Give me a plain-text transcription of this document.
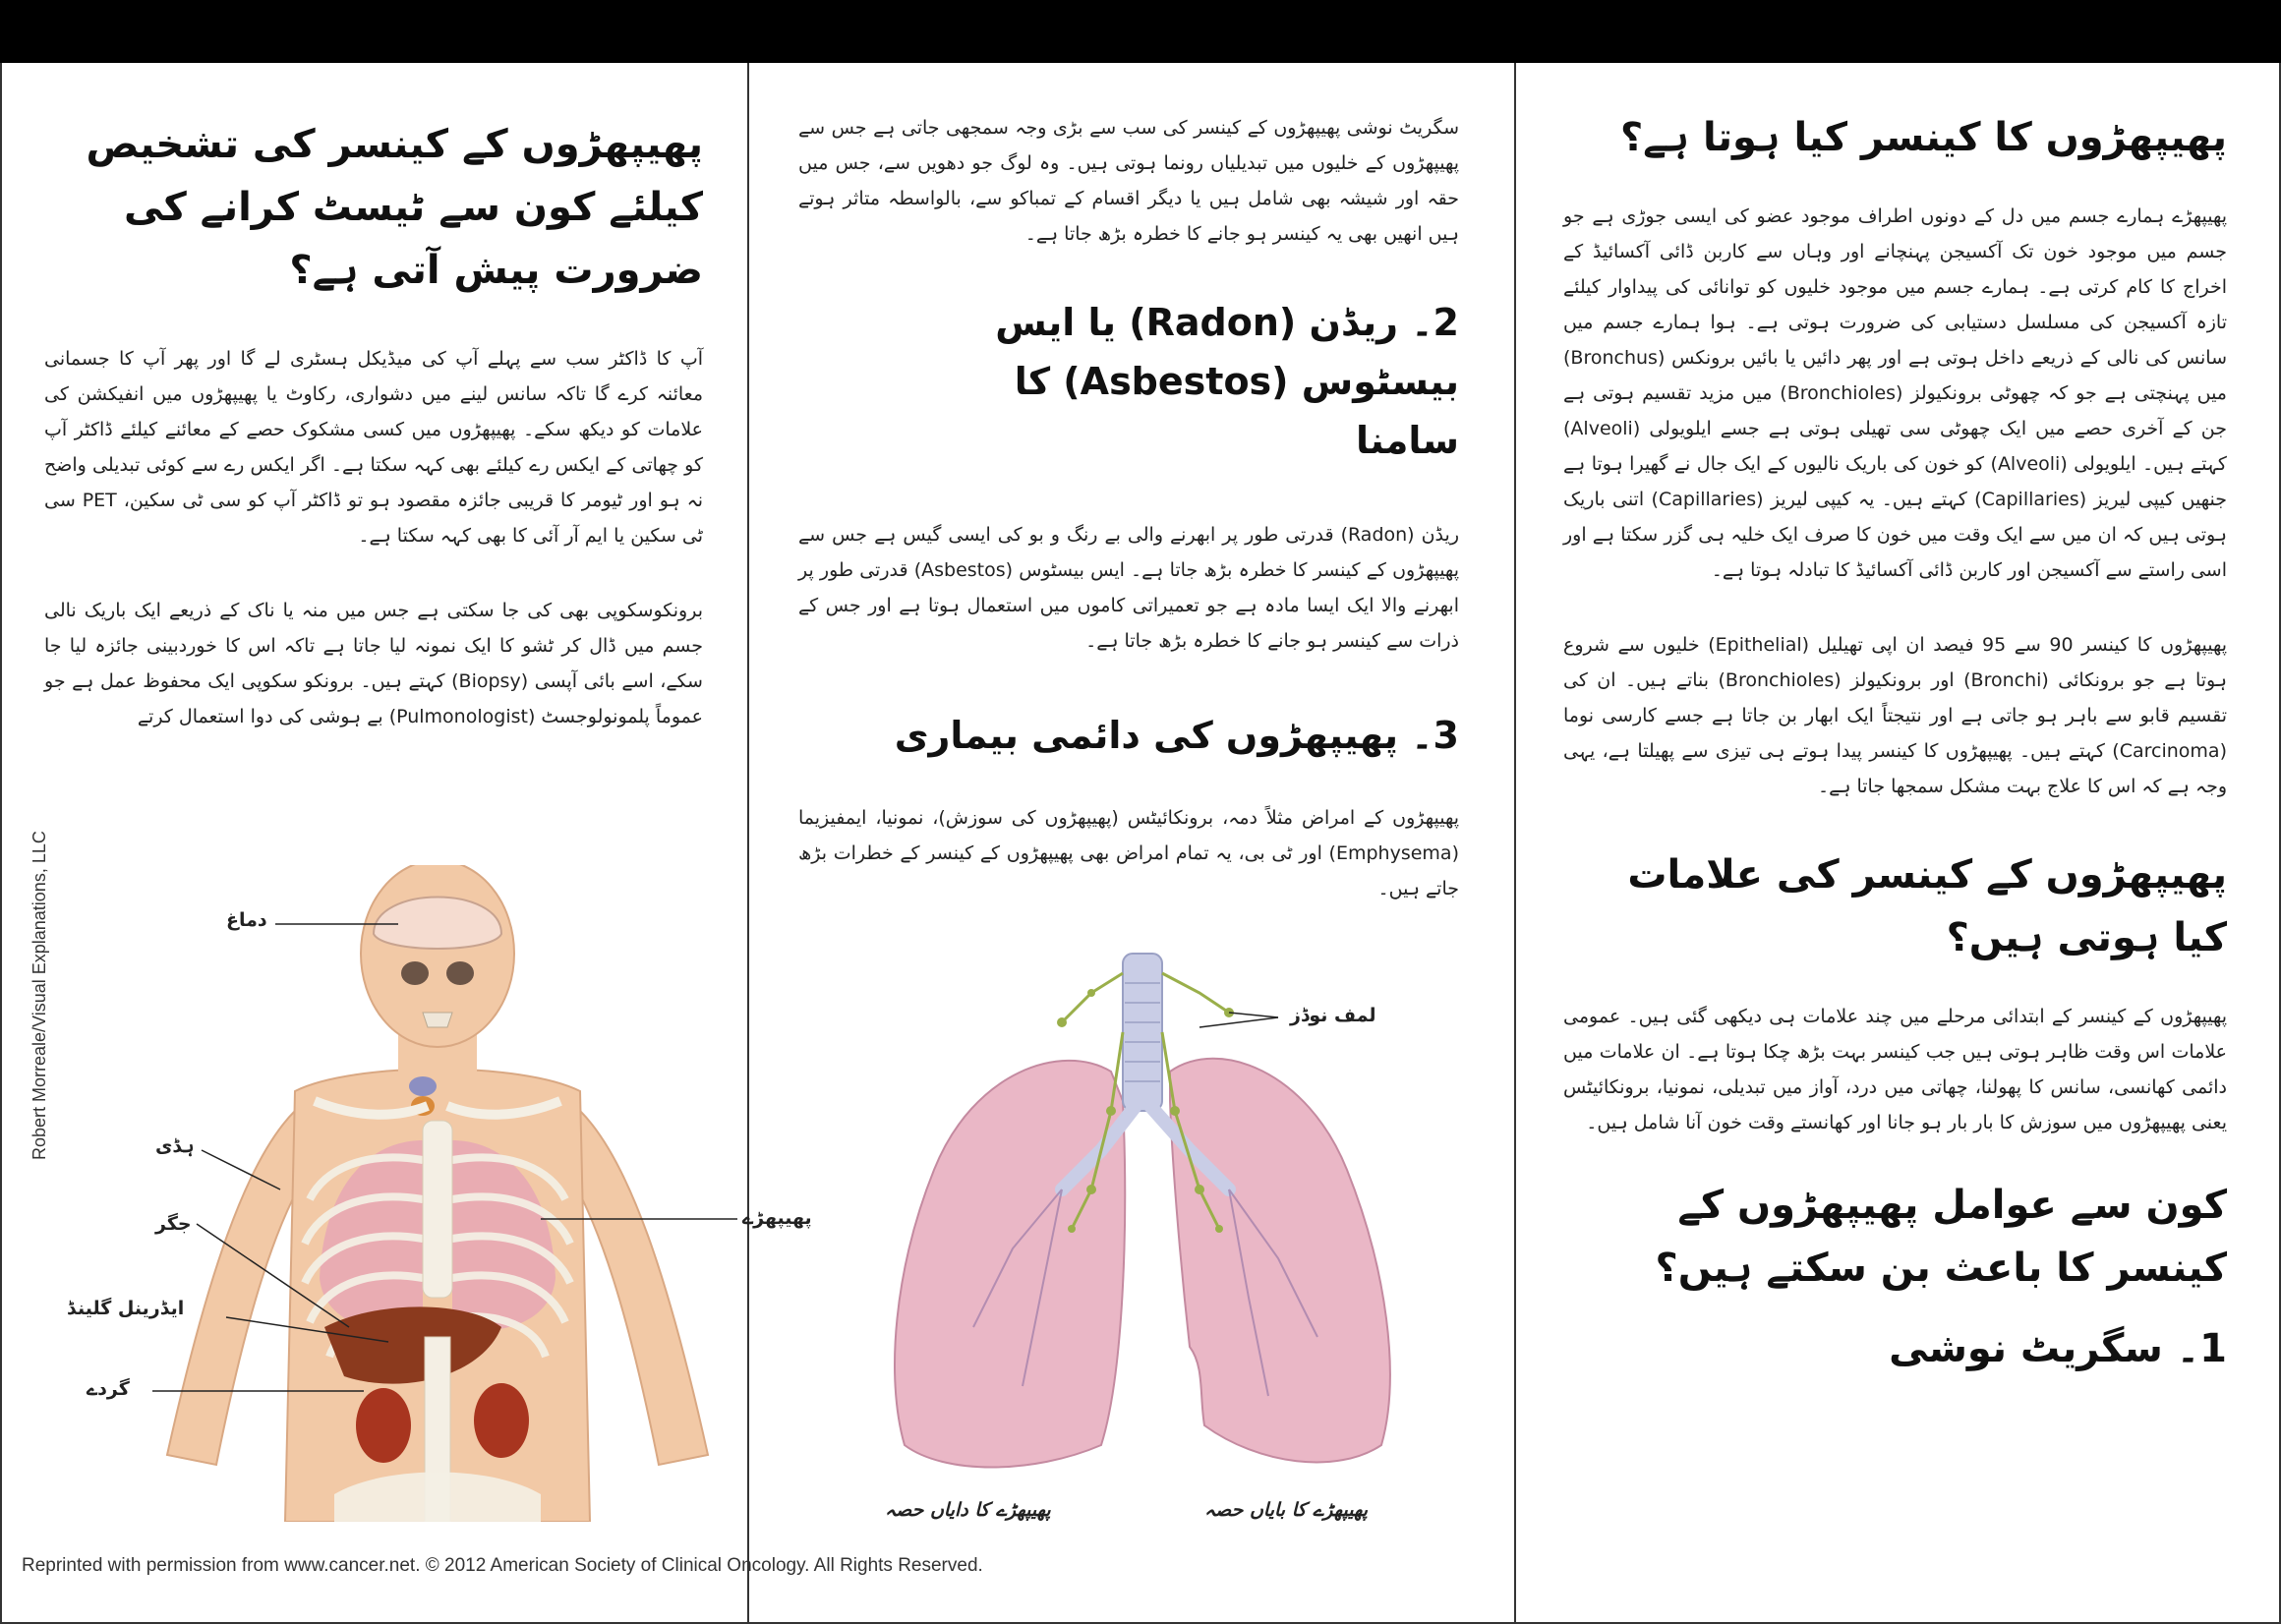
پھیپھڑوں کا کینسر کیا ہوتا ہے؟

پھیپھڑے ہمارے جسم میں دل کے دونوں اطراف موجود عضو کی ایسی جوڑی ہے جو جسم میں موجود خون تک آکسیجن پہنچانے اور وہاں سے کاربن ڈائی آکسائیڈ کے اخراج کا کام کرتی ہے۔ ہمارے جسم میں موجود خلیوں کو توانائی کی پیداوار کیلئے تازہ آکسیجن کی مسلسل دستیابی کی ضرورت ہوتی ہے۔ ہوا ہمارے جسم میں سانس کی نالی کے ذریعے داخل ہوتی ہے اور پھر دائیں یا بائیں برونکس (Bronchus) میں پہنچتی ہے جو کہ چھوٹی برونکیولز (Bronchioles) میں مزید تقسیم ہوتی ہے جن کے آخری حصے میں ایک چھوٹی سی تھیلی ہوتی ہے جسے ایلویولی (Alveoli) کہتے ہیں۔ ایلویولی (Alveoli) کو خون کی باریک نالیوں کے ایک جال نے گھیرا ہوتا ہے جنھیں کیپی لیریز (Capillaries) کہتے ہیں۔ یہ کیپی لیریز (Capillaries) اتنی باریک ہوتی ہیں کہ ان میں سے ایک وقت میں خون کا صرف ایک خلیہ ہی گزر سکتا ہے اور اسی راستے سے آکسیجن اور کاربن ڈائی آکسائیڈ کا تبادلہ ہوتا ہے۔

پھیپھڑوں کا کینسر 90 سے 95 فیصد ان اپی تھیلیل (Epithelial) خلیوں سے شروع ہوتا ہے جو برونکائی (Bronchi) اور برونکیولز (Bronchioles) بناتے ہیں۔ ان کی تقسیم قابو سے باہر ہو جاتی ہے اور نتیجتاً ایک ابھار بن جاتا ہے جسے کارسی نوما (Carcinoma) کہتے ہیں۔ پھیپھڑوں کا کینسر پیدا ہوتے ہی تیزی سے پھیلتا ہے، یہی وجہ ہے کہ اس کا علاج بہت مشکل سمجھا جاتا ہے۔

پھیپھڑوں کے کینسر کی علامات کیا ہوتی ہیں؟

پھیپھڑوں کے کینسر کے ابتدائی مرحلے میں چند علامات ہی دیکھی گئی ہیں۔ عمومی علامات اس وقت ظاہر ہوتی ہیں جب کینسر بہت بڑھ چکا ہوتا ہے۔ ان علامات میں دائمی کھانسی، سانس کا پھولنا، چھاتی میں درد، آواز میں تبدیلی، نمونیا، برونکائیٹس یعنی پھیپھڑوں میں سوزش کا بار بار ہو جانا اور کھانستے وقت خون آنا شامل ہیں۔

کون سے عوامل پھیپھڑوں کے کینسر کا باعث بن سکتے ہیں؟
1۔ سگریٹ نوشی

سگریٹ نوشی پھیپھڑوں کے کینسر کی سب سے بڑی وجہ سمجھی جاتی ہے جس سے پھیپھڑوں کے خلیوں میں تبدیلیاں رونما ہوتی ہیں۔ وہ لوگ جو دھویں سے، جس میں حقہ اور شیشہ بھی شامل ہیں یا دیگر اقسام کے تمباکو سے، بالواسطہ متاثر ہوتے ہیں انھیں بھی یہ کینسر ہو جانے کا خطرہ بڑھ جاتا ہے۔

2۔ ریڈن (Radon) یا ایس بیسٹوس (Asbestos) کا سامنا

ریڈن (Radon) قدرتی طور پر ابھرنے والی بے رنگ و بو کی ایسی گیس ہے جس سے پھیپھڑوں کے کینسر کا خطرہ بڑھ جاتا ہے۔ ایس بیسٹوس (Asbestos) قدرتی طور پر ابھرنے والا ایک ایسا مادہ ہے جو تعمیراتی کاموں میں استعمال ہوتا ہے اور جس کے ذرات سے کینسر ہو جانے کا خطرہ بڑھ جاتا ہے۔

3۔ پھیپھڑوں کی دائمی بیماری

پھیپھڑوں کے امراض مثلاً دمہ، برونکائیٹس (پھیپھڑوں کی سوزش)، نمونیا، ایمفیزیما (Emphysema) اور ٹی بی، یہ تمام امراض بھی پھیپھڑوں کے کینسر کے خطرات بڑھ جاتے ہیں۔

لمف نوڈز
پھیپھڑے کا دایاں حصہ	پھیپھڑے کا بایاں حصہ
پھیپھڑوں کے کینسر کی تشخیص کیلئے کون سے ٹیسٹ کرانے کی ضرورت پیش آتی ہے؟

آپ کا ڈاکٹر سب سے پہلے آپ کی میڈیکل ہسٹری لے گا اور پھر آپ کا جسمانی معائنہ کرے گا تاکہ سانس لینے میں دشواری، رکاوٹ یا پھیپھڑوں میں انفیکشن کی علامات کو دیکھ سکے۔ پھیپھڑوں میں کسی مشکوک حصے کے معائنے کیلئے ڈاکٹر آپ کو چھاتی کے ایکس رے کیلئے بھی کہہ سکتا ہے۔ اگر ایکس رے سے کوئی تبدیلی واضح نہ ہو اور ٹیومر کا قریبی جائزہ مقصود ہو تو ڈاکٹر آپ کو سی ٹی سکین، PET سی ٹی سکین یا ایم آر آئی کا بھی کہہ سکتا ہے۔

برونکوسکوپی بھی کی جا سکتی ہے جس میں منہ یا ناک کے ذریعے ایک باریک نالی جسم میں ڈال کر ٹشو کا ایک نمونہ لیا جاتا ہے تاکہ اس کا خوردبینی جائزہ لیا جا سکے، اسے بائی آپسی (Biopsy) کہتے ہیں۔ برونکو سکوپی ایک محفوظ عمل ہے جو عموماً پلمونولوجسٹ (Pulmonologist) بے ہوشی کی دوا استعمال کرتے

دماغ
ہڈی
جگر
ایڈرینل گلینڈ
گردے
پھیپھڑے
Robert Morreale/Visual Explanations, LLC
Reprinted with permission from www.cancer.net. © 2012 American Society of Clinical Oncology. All Rights Reserved.
